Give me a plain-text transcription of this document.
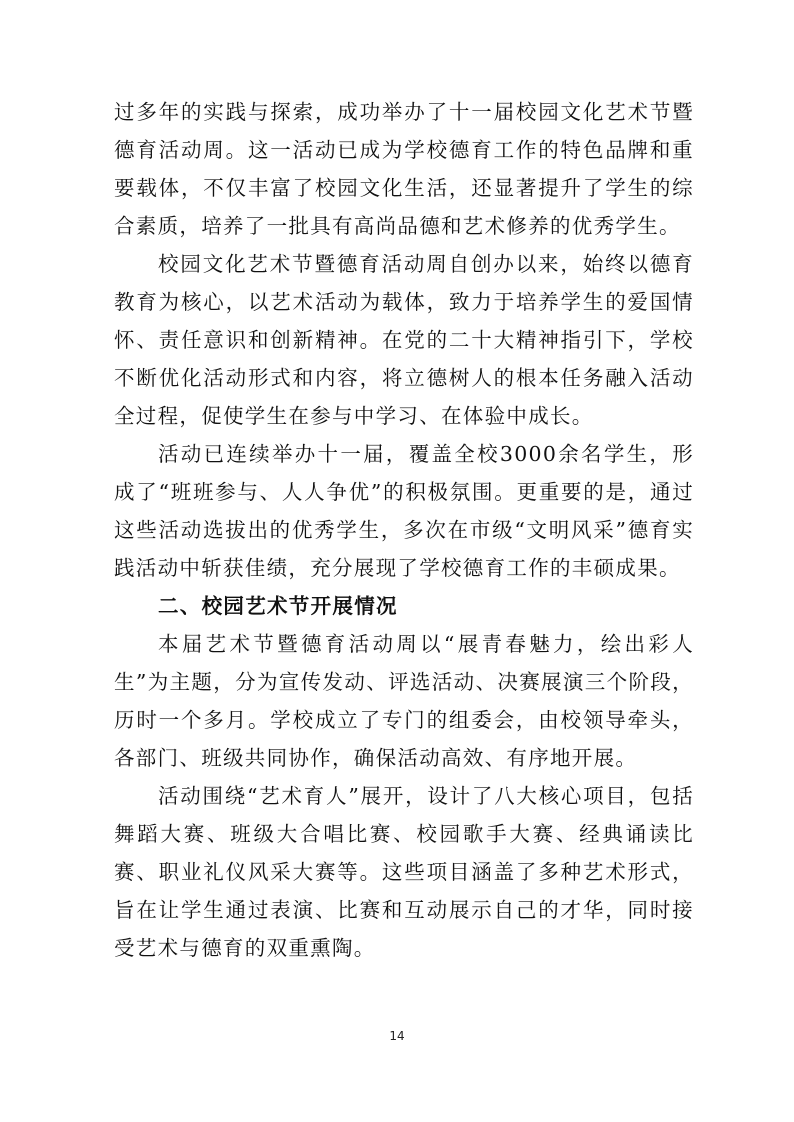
过多年的实践与探索，成功举办了十一届校园文化艺术节暨德育活动周。这一活动已成为学校德育工作的特色品牌和重要载体，不仅丰富了校园文化生活，还显著提升了学生的综合素质，培养了一批具有高尚品德和艺术修养的优秀学生。

校园文化艺术节暨德育活动周自创办以来，始终以德育教育为核心，以艺术活动为载体，致力于培养学生的爱国情怀、责任意识和创新精神。在党的二十大精神指引下，学校不断优化活动形式和内容，将立德树人的根本任务融入活动全过程，促使学生在参与中学习、在体验中成长。

活动已连续举办十一届，覆盖全校3000余名学生，形成了“班班参与、人人争优”的积极氛围。更重要的是，通过这些活动选拔出的优秀学生，多次在市级“文明风采”德育实践活动中斩获佳绩，充分展现了学校德育工作的丰硕成果。

二、校园艺术节开展情况

本届艺术节暨德育活动周以“展青春魅力，绘出彩人生”为主题，分为宣传发动、评选活动、决赛展演三个阶段，历时一个多月。学校成立了专门的组委会，由校领导牵头，各部门、班级共同协作，确保活动高效、有序地开展。

活动围绕“艺术育人”展开，设计了八大核心项目，包括舞蹈大赛、班级大合唱比赛、校园歌手大赛、经典诵读比赛、职业礼仪风采大赛等。这些项目涵盖了多种艺术形式，旨在让学生通过表演、比赛和互动展示自己的才华，同时接受艺术与德育的双重熏陶。

14
